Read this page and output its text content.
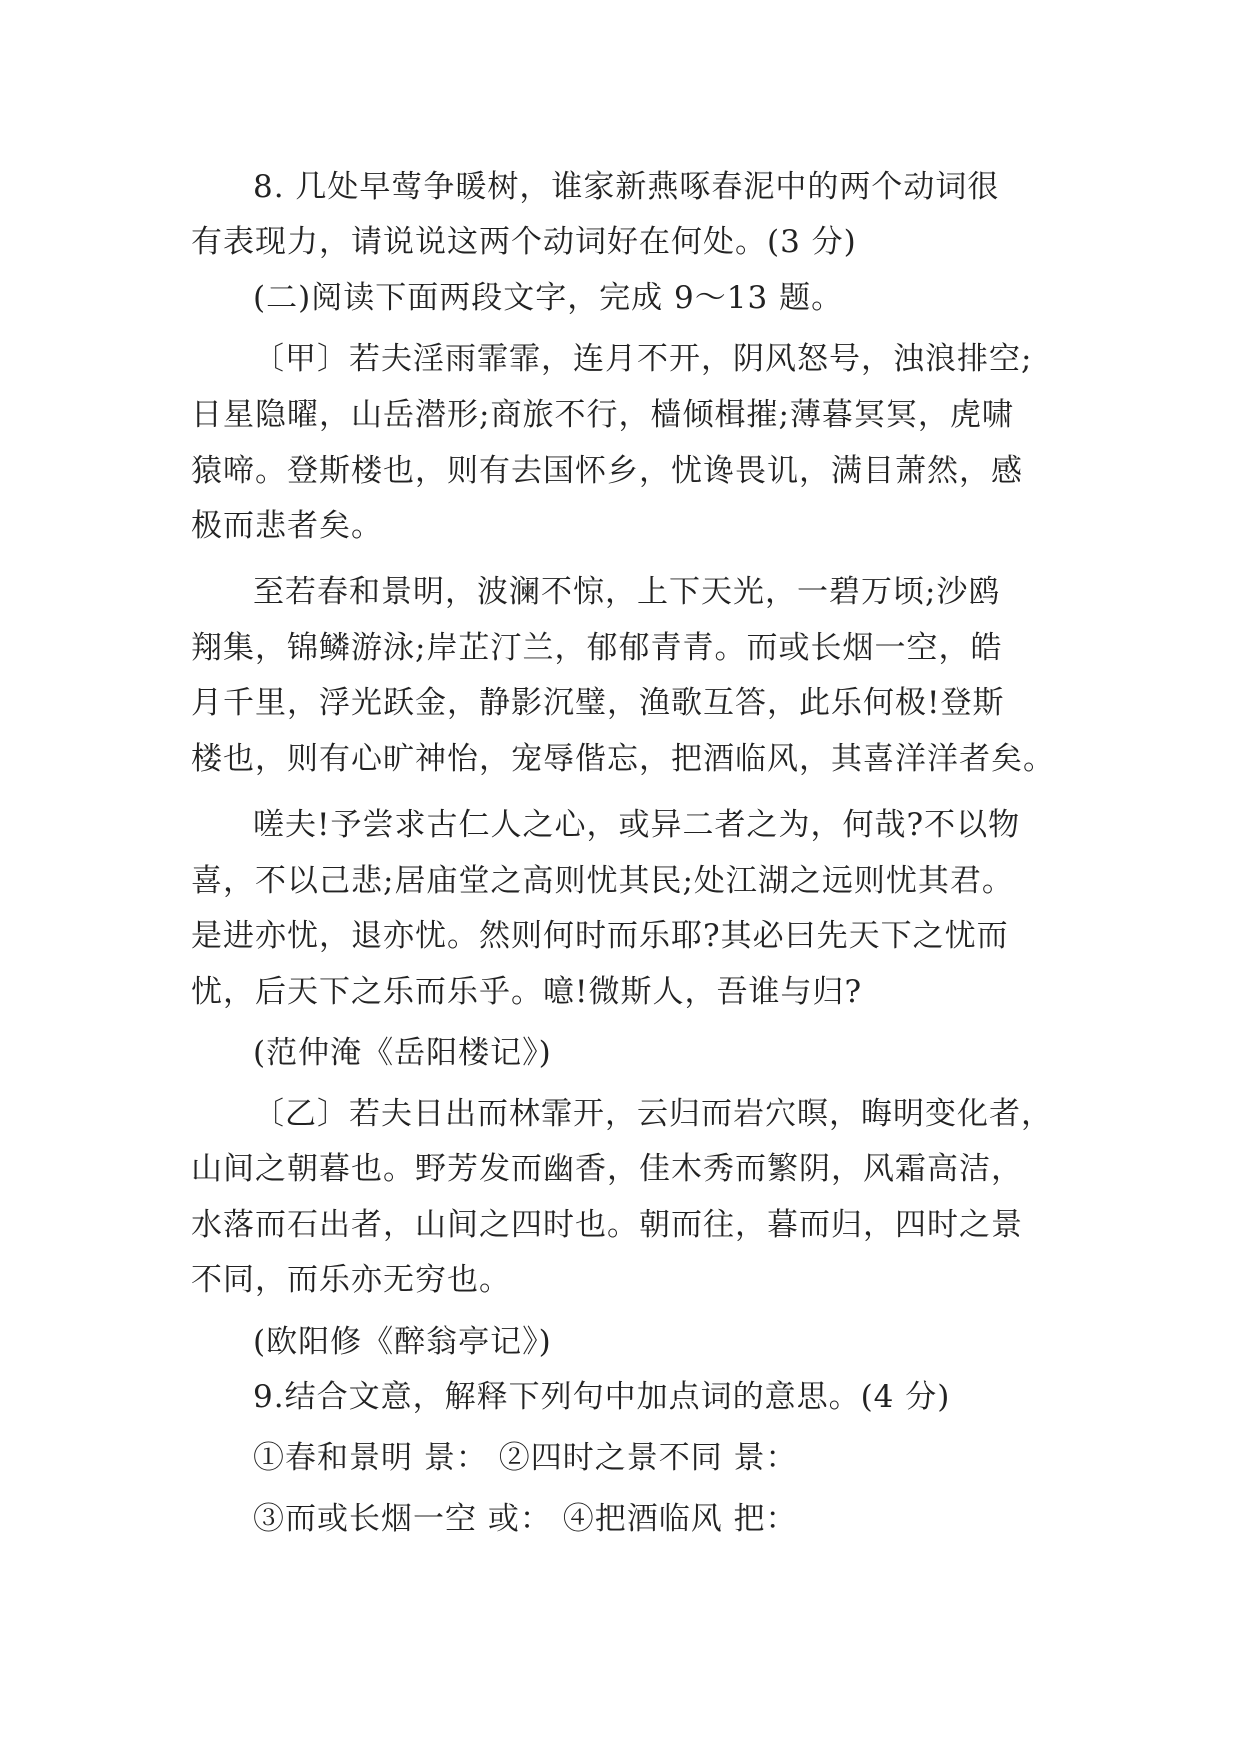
8. 几处早莺争暖树，谁家新燕啄春泥中的两个动词很
有表现力，请说说这两个动词好在何处。(3 分)
(二)阅读下面两段文字，完成 9～13 题。
〔甲〕若夫淫雨霏霏，连月不开，阴风怒号，浊浪排空;
日星隐曜，山岳潜形;商旅不行，樯倾楫摧;薄暮冥冥，虎啸
猿啼。登斯楼也，则有去国怀乡，忧谗畏讥，满目萧然，感
极而悲者矣。
至若春和景明，波澜不惊，上下天光，一碧万顷;沙鸥
翔集，锦鳞游泳;岸芷汀兰，郁郁青青。而或长烟一空，皓
月千里，浮光跃金，静影沉璧，渔歌互答，此乐何极!登斯
楼也，则有心旷神怡，宠辱偕忘，把酒临风，其喜洋洋者矣。
嗟夫!予尝求古仁人之心，或异二者之为，何哉?不以物
喜，不以己悲;居庙堂之高则忧其民;处江湖之远则忧其君。
是进亦忧，退亦忧。然则何时而乐耶?其必曰先天下之忧而
忧，后天下之乐而乐乎。噫!微斯人，吾谁与归?
(范仲淹《岳阳楼记》)
〔乙〕若夫日出而林霏开，云归而岩穴暝，晦明变化者，
山间之朝暮也。野芳发而幽香，佳木秀而繁阴，风霜高洁，
水落而石出者，山间之四时也。朝而往，暮而归，四时之景
不同，而乐亦无穷也。
(欧阳修《醉翁亭记》)
9.结合文意，解释下列句中加点词的意思。(4 分)
①春和景明 景： ②四时之景不同 景：
③而或长烟一空 或： ④把酒临风 把：
